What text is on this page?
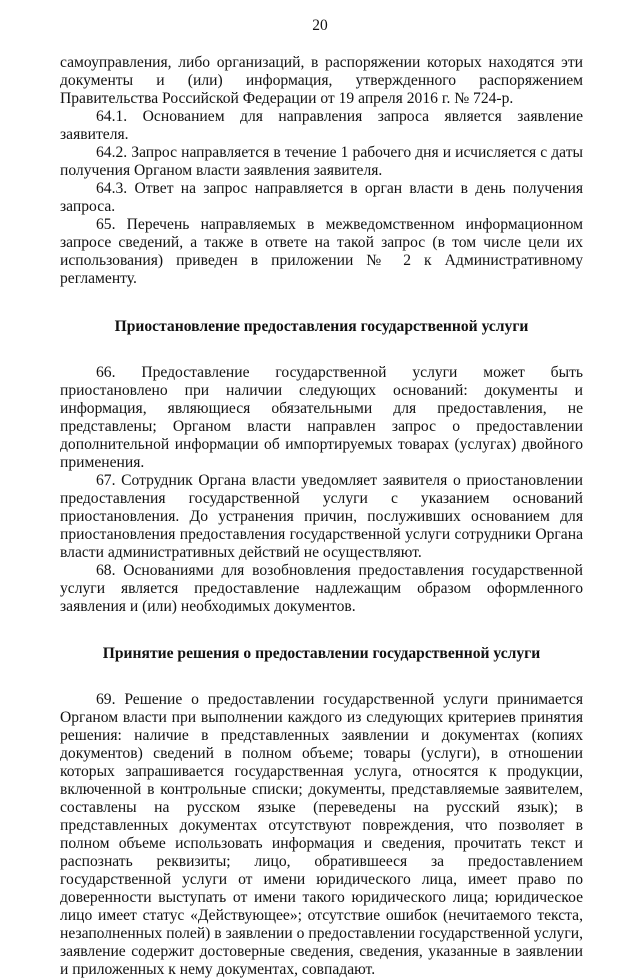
20

самоуправления, либо организаций, в распоряжении которых находятся эти документы и (или) информация, утвержденного распоряжением Правительства Российской Федерации от 19 апреля 2016 г. № 724-р.

64.1. Основанием для направления запроса является заявление заявителя.

64.2. Запрос направляется в течение 1 рабочего дня и исчисляется с даты получения Органом власти заявления заявителя.

64.3. Ответ на запрос направляется в орган власти в день получения запроса.

65. Перечень направляемых в межведомственном информационном запросе сведений, а также в ответе на такой запрос (в том числе цели их использования) приведен в приложении № 2 к Административному регламенту.

Приостановление предоставления государственной услуги

66. Предоставление государственной услуги может быть приостановлено при наличии следующих оснований: документы и информация, являющиеся обязательными для предоставления, не представлены; Органом власти направлен запрос о предоставлении дополнительной информации об импортируемых товарах (услугах) двойного применения.

67. Сотрудник Органа власти уведомляет заявителя о приостановлении предоставления государственной услуги с указанием оснований приостановления. До устранения причин, послуживших основанием для приостановления предоставления государственной услуги сотрудники Органа власти административных действий не осуществляют.

68. Основаниями для возобновления предоставления государственной услуги является предоставление надлежащим образом оформленного заявления и (или) необходимых документов.

Принятие решения о предоставлении государственной услуги

69. Решение о предоставлении государственной услуги принимается Органом власти при выполнении каждого из следующих критериев принятия решения: наличие в представленных заявлении и документах (копиях документов) сведений в полном объеме; товары (услуги), в отношении которых запрашивается государственная услуга, относятся к продукции, включенной в контрольные списки; документы, представляемые заявителем, составлены на русском языке (переведены на русский язык); в представленных документах отсутствуют повреждения, что позволяет в полном объеме использовать информация и сведения, прочитать текст и распознать реквизиты; лицо, обратившееся за предоставлением государственной услуги от имени юридического лица, имеет право по доверенности выступать от имени такого юридического лица; юридическое лицо имеет статус «Действующее»; отсутствие ошибок (нечитаемого текста, незаполненных полей) в заявлении о предоставлении государственной услуги, заявление содержит достоверные сведения, сведения, указанные в заявлении и приложенных к нему документах, совпадают.
